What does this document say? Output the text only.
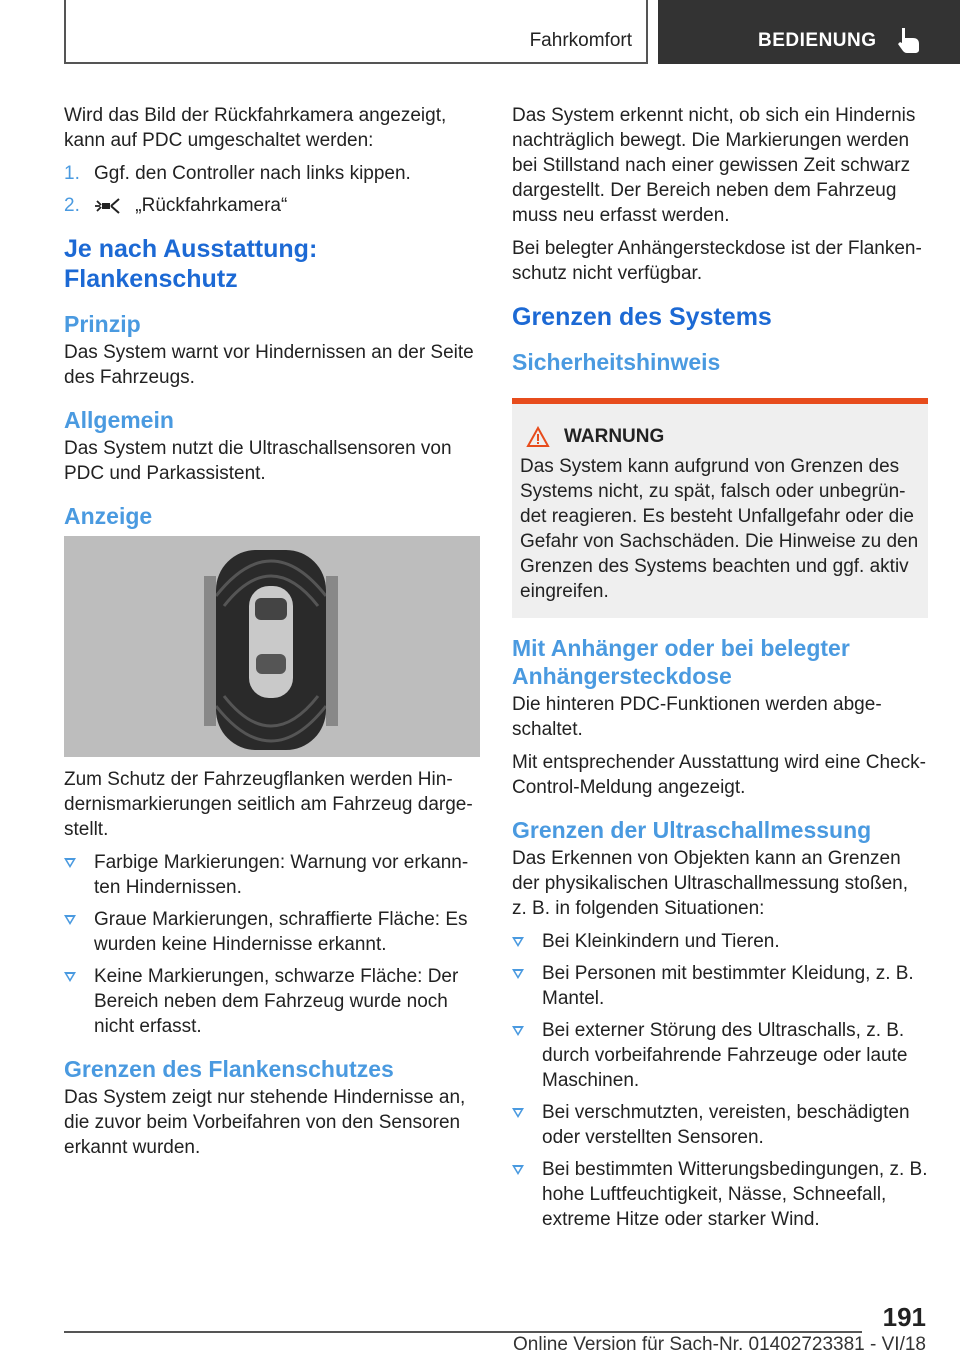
Fahrkomfort	BEDIENUNG

Wird das Bild der Rückfahrkamera angezeigt, kann auf PDC umgeschaltet werden:

1. Ggf. den Controller nach links kippen.
2.	„Rückfahrkamera“
Je nach Ausstattung: Flankenschutz
Prinzip

Das System warnt vor Hindernissen an der Seite des Fahrzeugs.

Allgemein

Das System nutzt die Ultraschallsensoren von PDC und Parkassistent.

Anzeige

Zum Schutz der Fahrzeugflanken werden Hindernismarkierungen seitlich am Fahrzeug dargestellt.

Farbige Markierungen: Warnung vor erkannten Hindernissen.
Graue Markierungen, schraffierte Fläche: Es wurden keine Hindernisse erkannt.
Keine Markierungen, schwarze Fläche: Der Bereich neben dem Fahrzeug wurde noch nicht erfasst.
Grenzen des Flankenschutzes

Das System zeigt nur stehende Hindernisse an, die zuvor beim Vorbeifahren von den Sensoren erkannt wurden.

Das System erkennt nicht, ob sich ein Hindernis nachträglich bewegt. Die Markierungen werden bei Stillstand nach einer gewissen Zeit schwarz dargestellt. Der Bereich neben dem Fahrzeug muss neu erfasst werden.

Bei belegter Anhängersteckdose ist der Flankenschutz nicht verfügbar.

Grenzen des Systems
Sicherheitshinweis
WARNUNG

Das System kann aufgrund von Grenzen des Systems nicht, zu spät, falsch oder unbegründet reagieren. Es besteht Unfallgefahr oder die Gefahr von Sachschäden. Die Hinweise zu den Grenzen des Systems beachten und ggf. aktiv eingreifen.

Mit Anhänger oder bei belegter Anhängersteckdose

Die hinteren PDC-Funktionen werden abgeschaltet.

Mit entsprechender Ausstattung wird eine Check-Control-Meldung angezeigt.

Grenzen der Ultraschallmessung

Das Erkennen von Objekten kann an Grenzen der physikalischen Ultraschallmessung stoßen, z. B. in folgenden Situationen:

Bei Kleinkindern und Tieren.
Bei Personen mit bestimmter Kleidung, z. B. Mantel.
Bei externer Störung des Ultraschalls, z. B. durch vorbeifahrende Fahrzeuge oder laute Maschinen.
Bei verschmutzten, vereisten, beschädigten oder verstellten Sensoren.
Bei bestimmten Witterungsbedingungen, z. B. hohe Luftfeuchtigkeit, Nässe, Schneefall, extreme Hitze oder starker Wind.
191
Online Version für Sach-Nr. 01402723381 - VI/18
